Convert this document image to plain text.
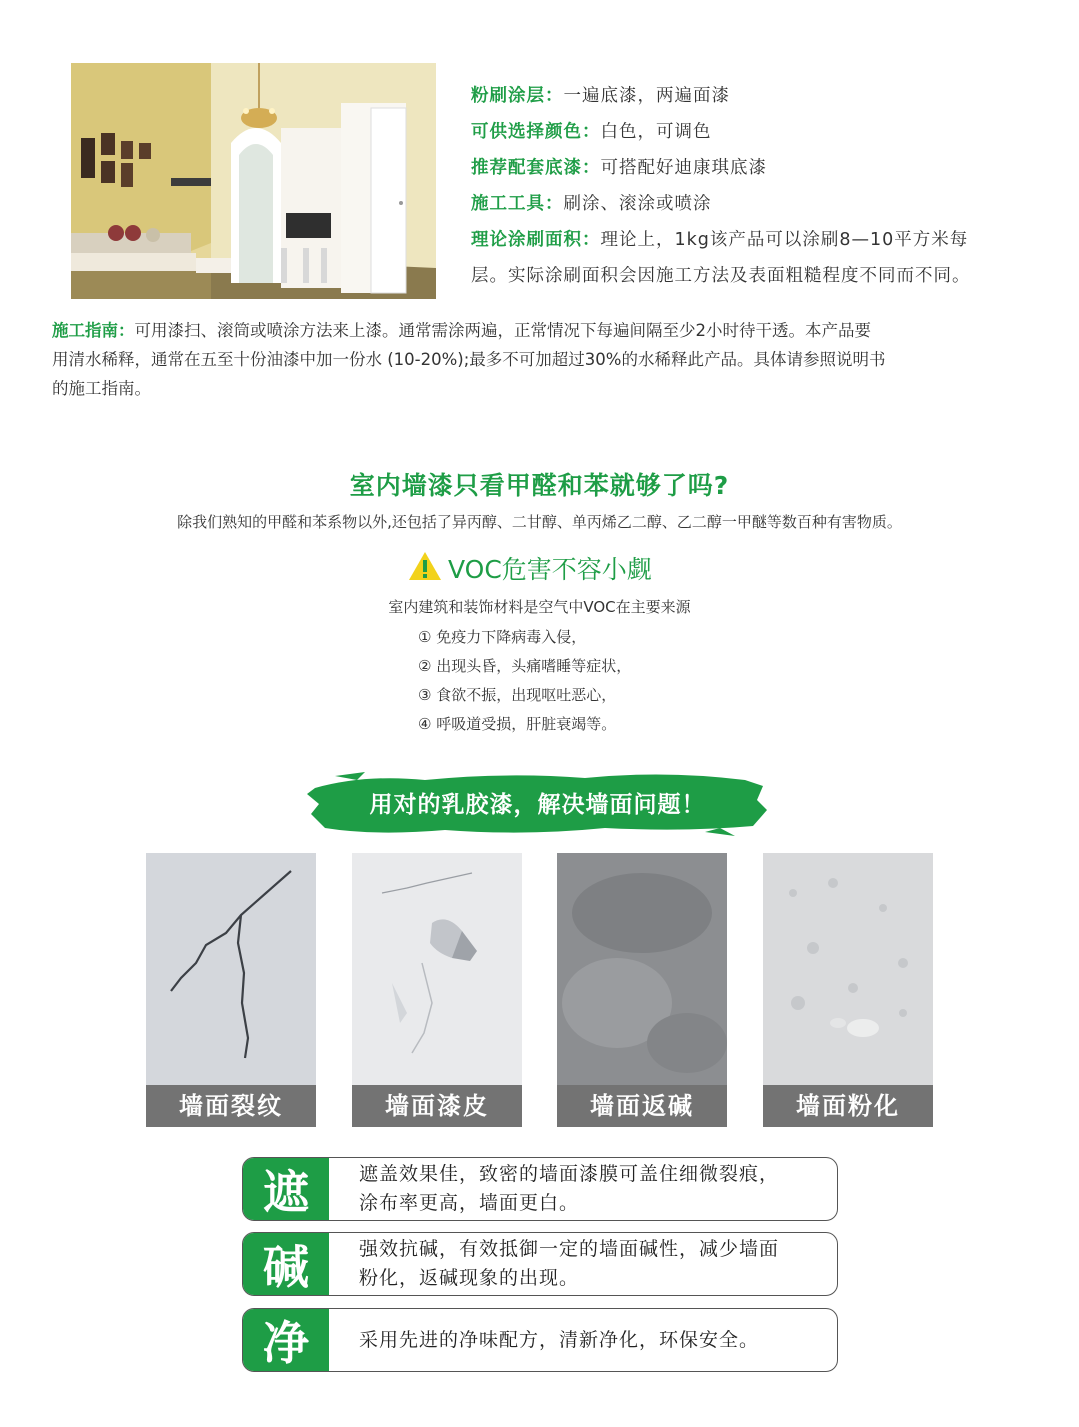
粉刷涂层：一遍底漆，两遍面漆
可供选择颜色：白色，可调色
推荐配套底漆：可搭配好迪康琪底漆
施工工具：刷涂、滚涂或喷涂
理论涂刷面积：理论上，1kg该产品可以涂刷8—10平方米每
层。实际涂刷面积会因施工方法及表面粗糙程度不同而不同。
施工指南：可用漆扫、滚筒或喷涂方法来上漆。通常需涂两遍，正常情况下每遍间隔至少2小时待干透。本产品要
用清水稀释，通常在五至十份油漆中加一份水 (10-20%);最多不可加超过30%的水稀释此产品。具体请参照说明书
的施工指南。
室内墙漆只看甲醛和苯就够了吗?
除我们熟知的甲醛和苯系物以外,还包括了异丙醇、二甘醇、单丙烯乙二醇、乙二醇一甲醚等数百种有害物质。
VOC危害不容小觑
室内建筑和装饰材料是空气中VOC在主要来源
① 免疫力下降病毒入侵，
② 出现头昏，头痛嗜睡等症状，
③ 食欲不振，出现呕吐恶心，
④ 呼吸道受损，肝脏衰竭等。
用对的乳胶漆，解决墙面问题！
墙面裂纹	墙面漆皮	墙面返碱	墙面粉化
遮	遮盖效果佳，致密的墙面漆膜可盖住细微裂痕，
涂布率更高，墙面更白。
碱	强效抗碱，有效抵御一定的墙面碱性，减少墙面
粉化，返碱现象的出现。
净	采用先进的净味配方，清新净化，环保安全。
